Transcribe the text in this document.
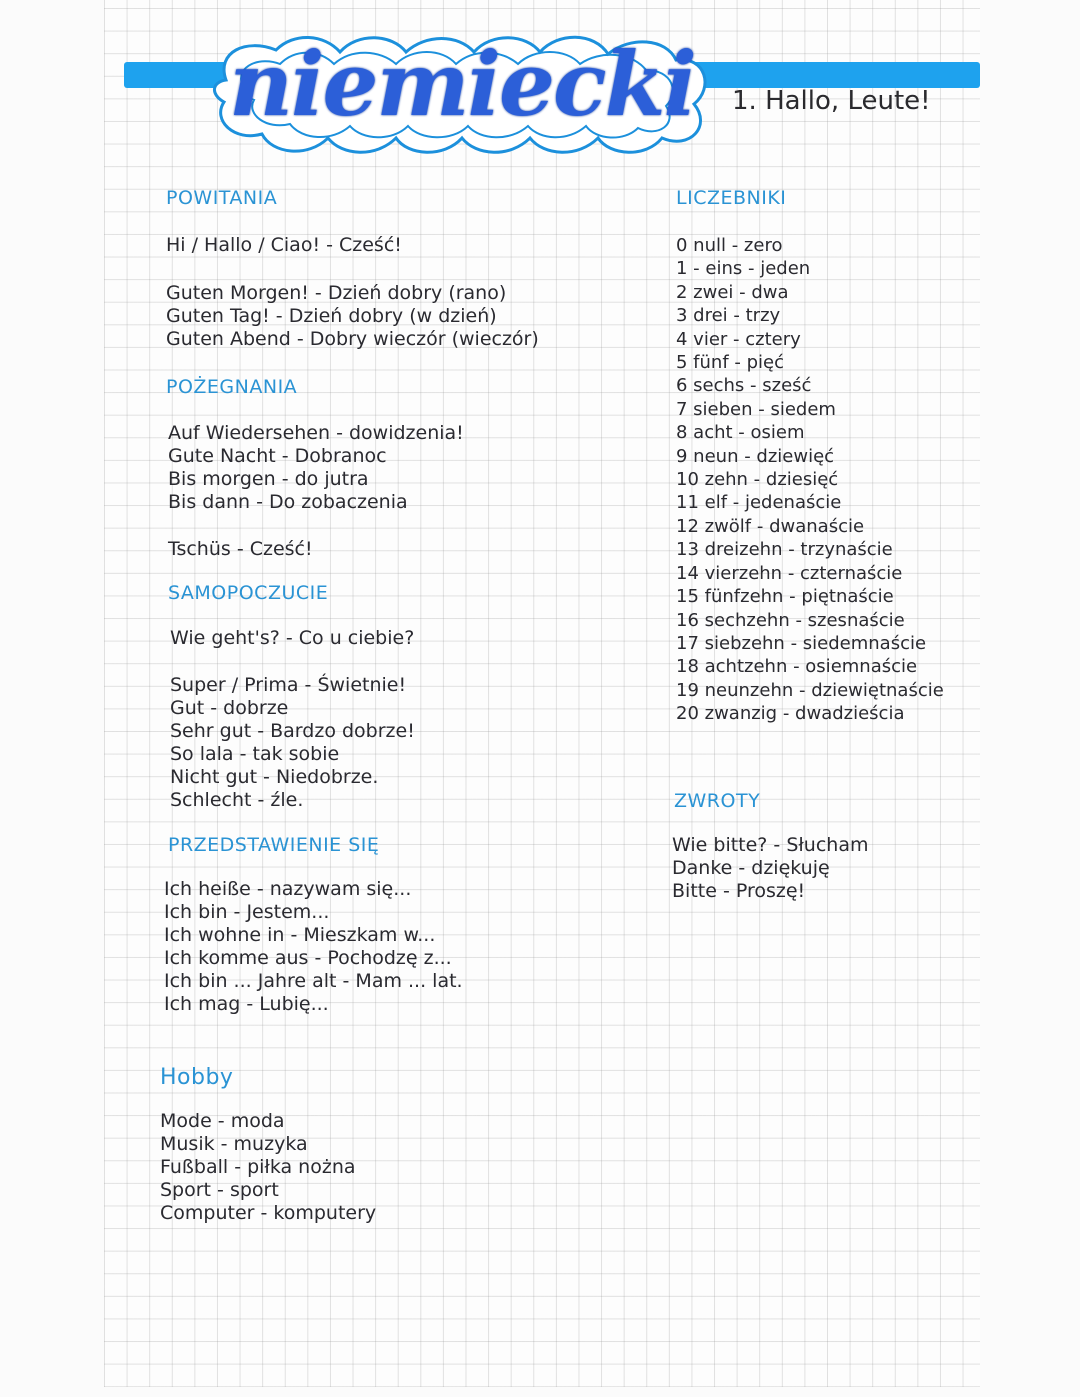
niemiecki 1. Hallo, Leute!
POWITANIA
Hi / Hallo / Ciao! - Cześć!
Guten Morgen! - Dzień dobry (rano)
Guten Tag! - Dzień dobry (w dzień)
Guten Abend - Dobry wieczór (wieczór)
POŻEGNANIA
Auf Wiedersehen - dowidzenia!
Gute Nacht - Dobranoc
Bis morgen - do jutra
Bis dann - Do zobaczenia
Tschüs - Cześć!
SAMOPOCZUCIE
Wie geht's? - Co u ciebie?
Super / Prima - Świetnie!
Gut - dobrze
Sehr gut - Bardzo dobrze!
So lala - tak sobie
Nicht gut - Niedobrze.
Schlecht - źle.
PRZEDSTAWIENIE SIĘ
Ich heiße - nazywam się...
Ich bin - Jestem...
Ich wohne in - Mieszkam w...
Ich komme aus - Pochodzę z...
Ich bin ... Jahre alt - Mam ... lat.
Ich mag - Lubię...
Hobby
Mode - moda
Musik - muzyka
Fußball - piłka nożna
Sport - sport
Computer - komputery
LICZEBNIKI
0 null - zero
1 - eins - jeden
2 zwei - dwa
3 drei - trzy
4 vier - cztery
5 fünf - pięć
6 sechs - sześć
7 sieben - siedem
8 acht - osiem
9 neun - dziewięć
10 zehn - dziesięć
11 elf - jedenaście
12 zwölf - dwanaście
13 dreizehn - trzynaście
14 vierzehn - czternaście
15 fünfzehn - piętnaście
16 sechzehn - szesnaście
17 siebzehn - siedemnaście
18 achtzehn - osiemnaście
19 neunzehn - dziewiętnaście
20 zwanzig - dwadzieścia
ZWROTY
Wie bitte? - Słucham
Danke - dziękuję
Bitte - Proszę!
